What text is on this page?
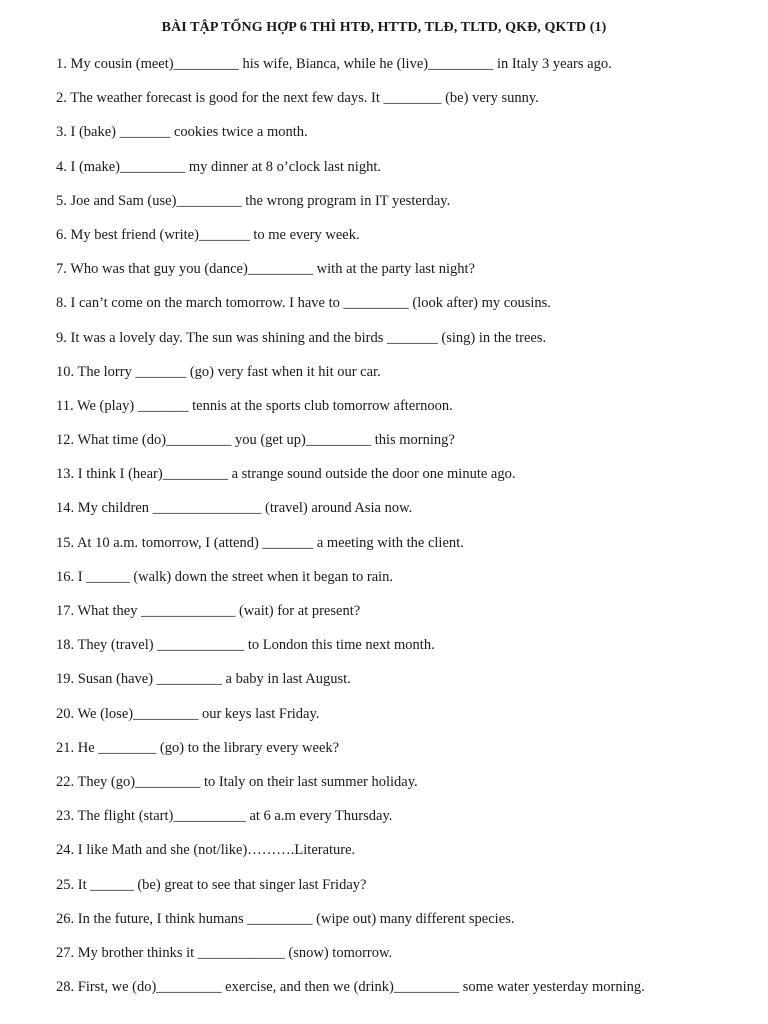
BÀI TẬP TỔNG HỢP 6 THÌ HTĐ, HTTD, TLĐ, TLTD, QKĐ, QKTD (1)
1. My cousin (meet)_________ his wife, Bianca, while he (live)_________ in Italy 3 years ago.
2. The weather forecast is good for the next few days. It ________ (be) very sunny.
3. I (bake) _______ cookies twice a month.
4. I (make)_________ my dinner at 8 o’clock last night.
5. Joe and Sam (use)_________ the wrong program in IT yesterday.
6. My best friend (write)_______ to me every week.
7. Who was that guy you (dance)_________ with at the party last night?
8. I can’t come on the march tomorrow. I have to _________ (look after) my cousins.
9. It was a lovely day. The sun was shining and the birds _______ (sing) in the trees.
10. The lorry _______ (go) very fast when it hit our car.
11. We (play) _______ tennis at the sports club tomorrow afternoon.
12. What time (do)_________ you (get up)_________ this morning?
13. I think I (hear)_________ a strange sound outside the door one minute ago.
14. My children _______________ (travel) around Asia now.
15. At 10 a.m. tomorrow, I (attend) _______ a meeting with the client.
16. I ______ (walk) down the street when it began to rain.
17. What they _____________ (wait) for at present?
18. They (travel) ____________ to London this time next month.
19. Susan (have) _________ a baby in last August.
20. We (lose)_________ our keys last Friday.
21. He ________ (go) to the library every week?
22. They (go)_________ to Italy on their last summer holiday.
23. The flight (start)__________ at 6 a.m every Thursday.
24. I like Math and she (not/like)……….Literature.
25. It ______ (be) great to see that singer last Friday?
26. In the future, I think humans _________ (wipe out) many different species.
27. My brother thinks it ____________ (snow) tomorrow.
28. First, we (do)_________ exercise, and then we (drink)_________ some water yesterday morning.
